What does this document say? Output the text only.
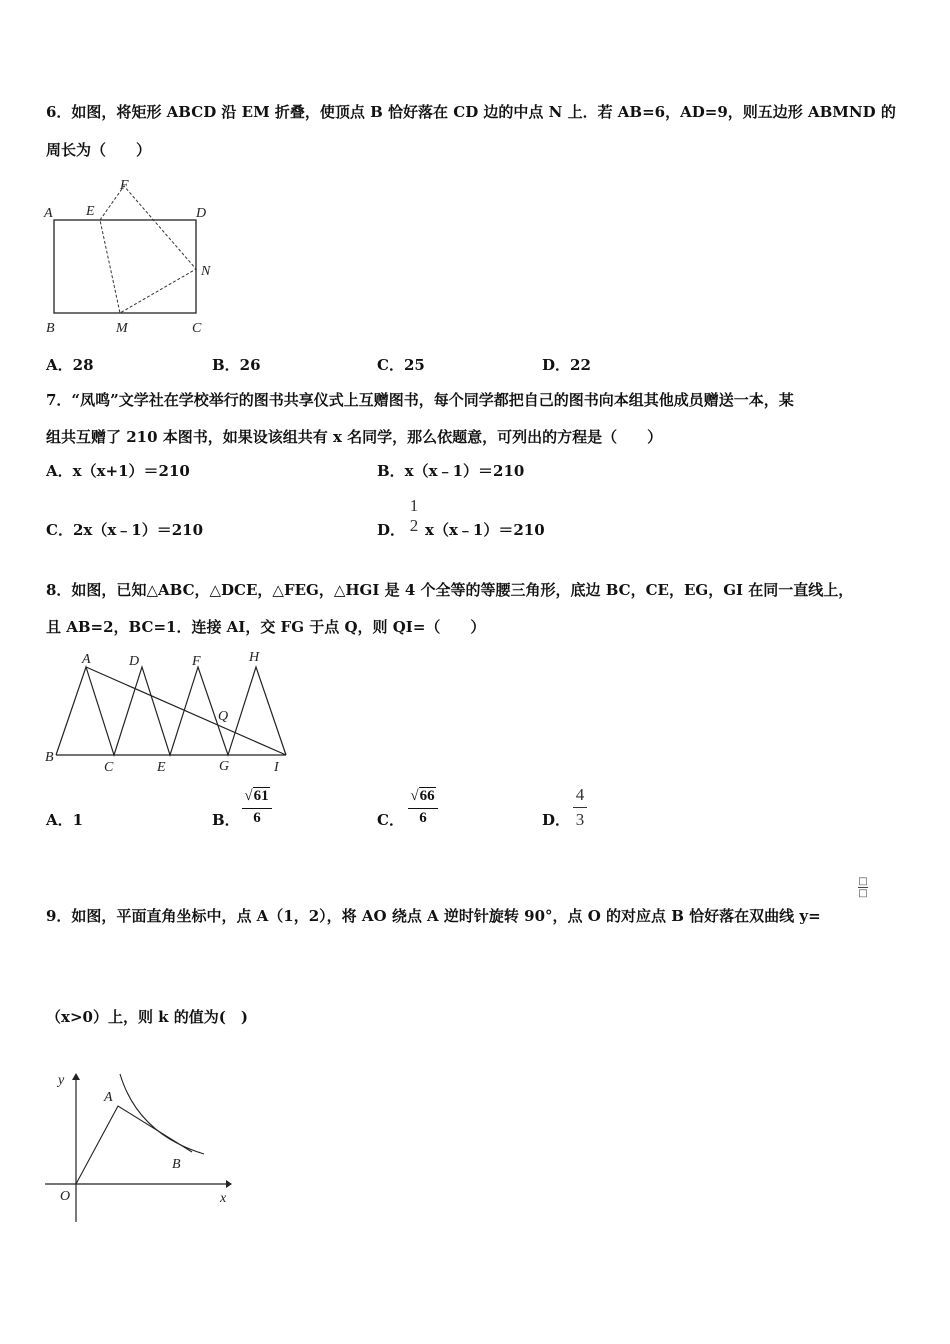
6．如图，将矩形 ABCD 沿 EM 折叠，使顶点 B 恰好落在 CD 边的中点 N 上．若 AB=6，AD=9，则五边形 ABMND 的
周长为（　　）
A E
F
D
N
B	M	C
A．28	B．26	C．25	D．22
7．“凤鸣”文学社在学校举行的图书共享仪式上互赠图书，每个同学都把自己的图书向本组其他成员赠送一本，某
组共互赠了 210 本图书，如果设该组共有 x 名同学，那么依题意，可列出的方程是（　　）
A．x（x+1）＝210	B．x（x﹣1）＝210
C．2x（x﹣1）＝210	D．
1
2 x（x﹣1）＝210
8．如图，已知△ABC，△DCE，△FEG，△HGI 是 4 个全等的等腰三角形，底边 BC，CE，EG，GI 在同一直线上，
且 AB=2，BC=1．连接 AI，交 FG 于点 Q，则 QI=（　　）
A	D	F	H
Q
B
C	E	G	I
A．1	B．
√61
6	C．
√66
6	D．
4
3
9．如图，平面直角坐标中，点 A（1，2），将 AO 绕点 A 逆时针旋转 90°，点 O 的对应点 B 恰好落在双曲线 y=
□
□
（x>0）上，则 k 的值为(　)
y
A
B
O	x
